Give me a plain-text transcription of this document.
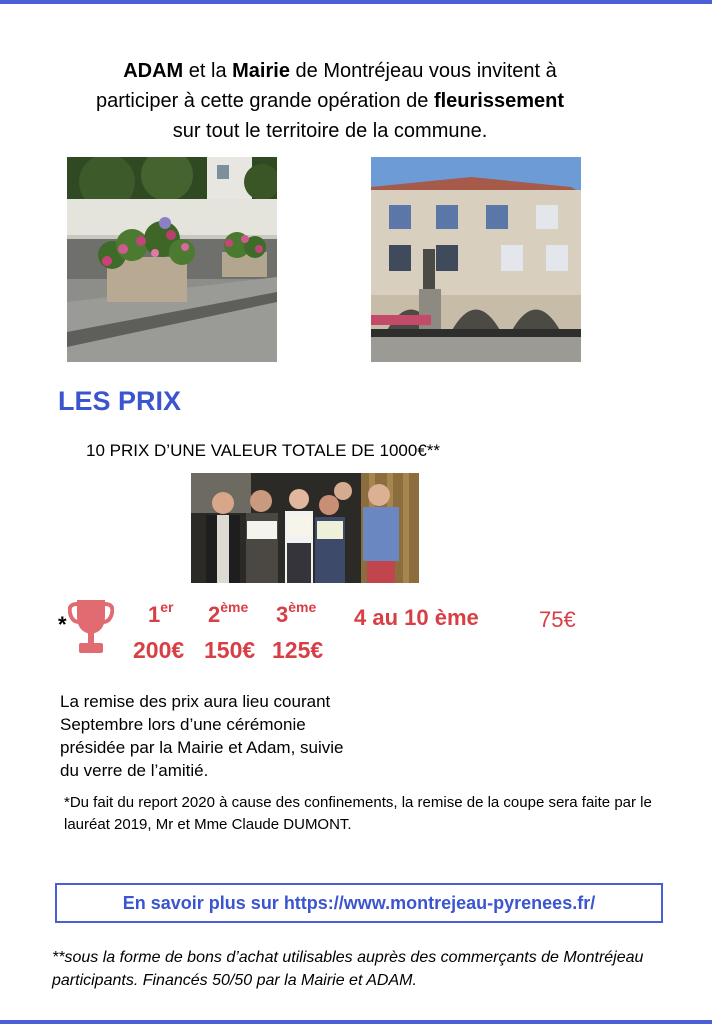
ADAM et la Mairie de Montréjeau vous invitent à
participer à cette grande opération de fleurissement
sur tout le territoire de la commune.
LES PRIX
10 PRIX D’UNE VALEUR TOTALE DE 1000€**
*	1er 2ème 3ème 4 au 10 ème	75€
200€ 150€ 125€
La remise des prix aura lieu courant
Septembre lors d’une cérémonie
présidée par la Mairie et Adam, suivie
du verre de l’amitié.
*Du fait du report 2020 à cause des confinements, la remise de la coupe sera faite par le lauréat 2019, Mr et Mme Claude DUMONT.
En savoir plus sur https://www.montrejeau-pyrenees.fr/
**sous la forme de bons d’achat utilisables auprès des commerçants de Montréjeau participants. Financés 50/50 par la Mairie et ADAM.
